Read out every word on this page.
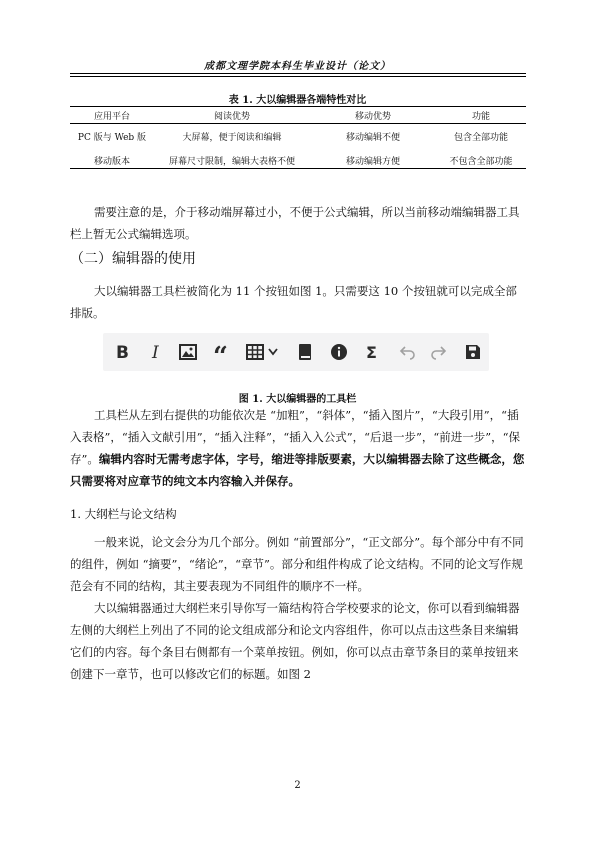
成都文理学院本科生毕业设计（论文）
表 1. 大以编辑器各端特性对比
应用平台	阅读优势	移动优势	功能
PC 版与 Web 版	大屏幕，便于阅读和编辑	移动编辑不便	包含全部功能
移动版本	屏幕尺寸限制，编辑大表格不便	移动编辑方便	不包含全部功能
需要注意的是，介于移动端屏幕过小，不便于公式编辑，所以当前移动端编辑器工具栏上暂无公式编辑选项。
（二）编辑器的使用
大以编辑器工具栏被简化为 11 个按钮如图 1。只需要这 10 个按钮就可以完成全部排版。
B I “	Σ
图 1. 大以编辑器的工具栏
工具栏从左到右提供的功能依次是 “加粗”，“斜体”，“插入图片”，“大段引用”，“插入表格”，“插入文献引用”，“插入注释”，“插入入公式”，“后退一步”，“前进一步”，“保存”。编辑内容时无需考虑字体，字号，缩进等排版要素，大以编辑器去除了这些概念，您只需要将对应章节的纯文本内容输入并保存。
1. 大纲栏与论文结构
一般来说，论文会分为几个部分。例如 “前置部分”，“正文部分”。每个部分中有不同的组件，例如 “摘要”，“绪论”，“章节”。部分和组件构成了论文结构。不同的论文写作规范会有不同的结构，其主要表现为不同组件的顺序不一样。
大以编辑器通过大纲栏来引导你写一篇结构符合学校要求的论文，你可以看到编辑器左侧的大纲栏上列出了不同的论文组成部分和论文内容组件，你可以点击这些条目来编辑它们的内容。每个条目右侧都有一个菜单按钮。例如，你可以点击章节条目的菜单按钮来创建下一章节，也可以修改它们的标题。如图 2
2
